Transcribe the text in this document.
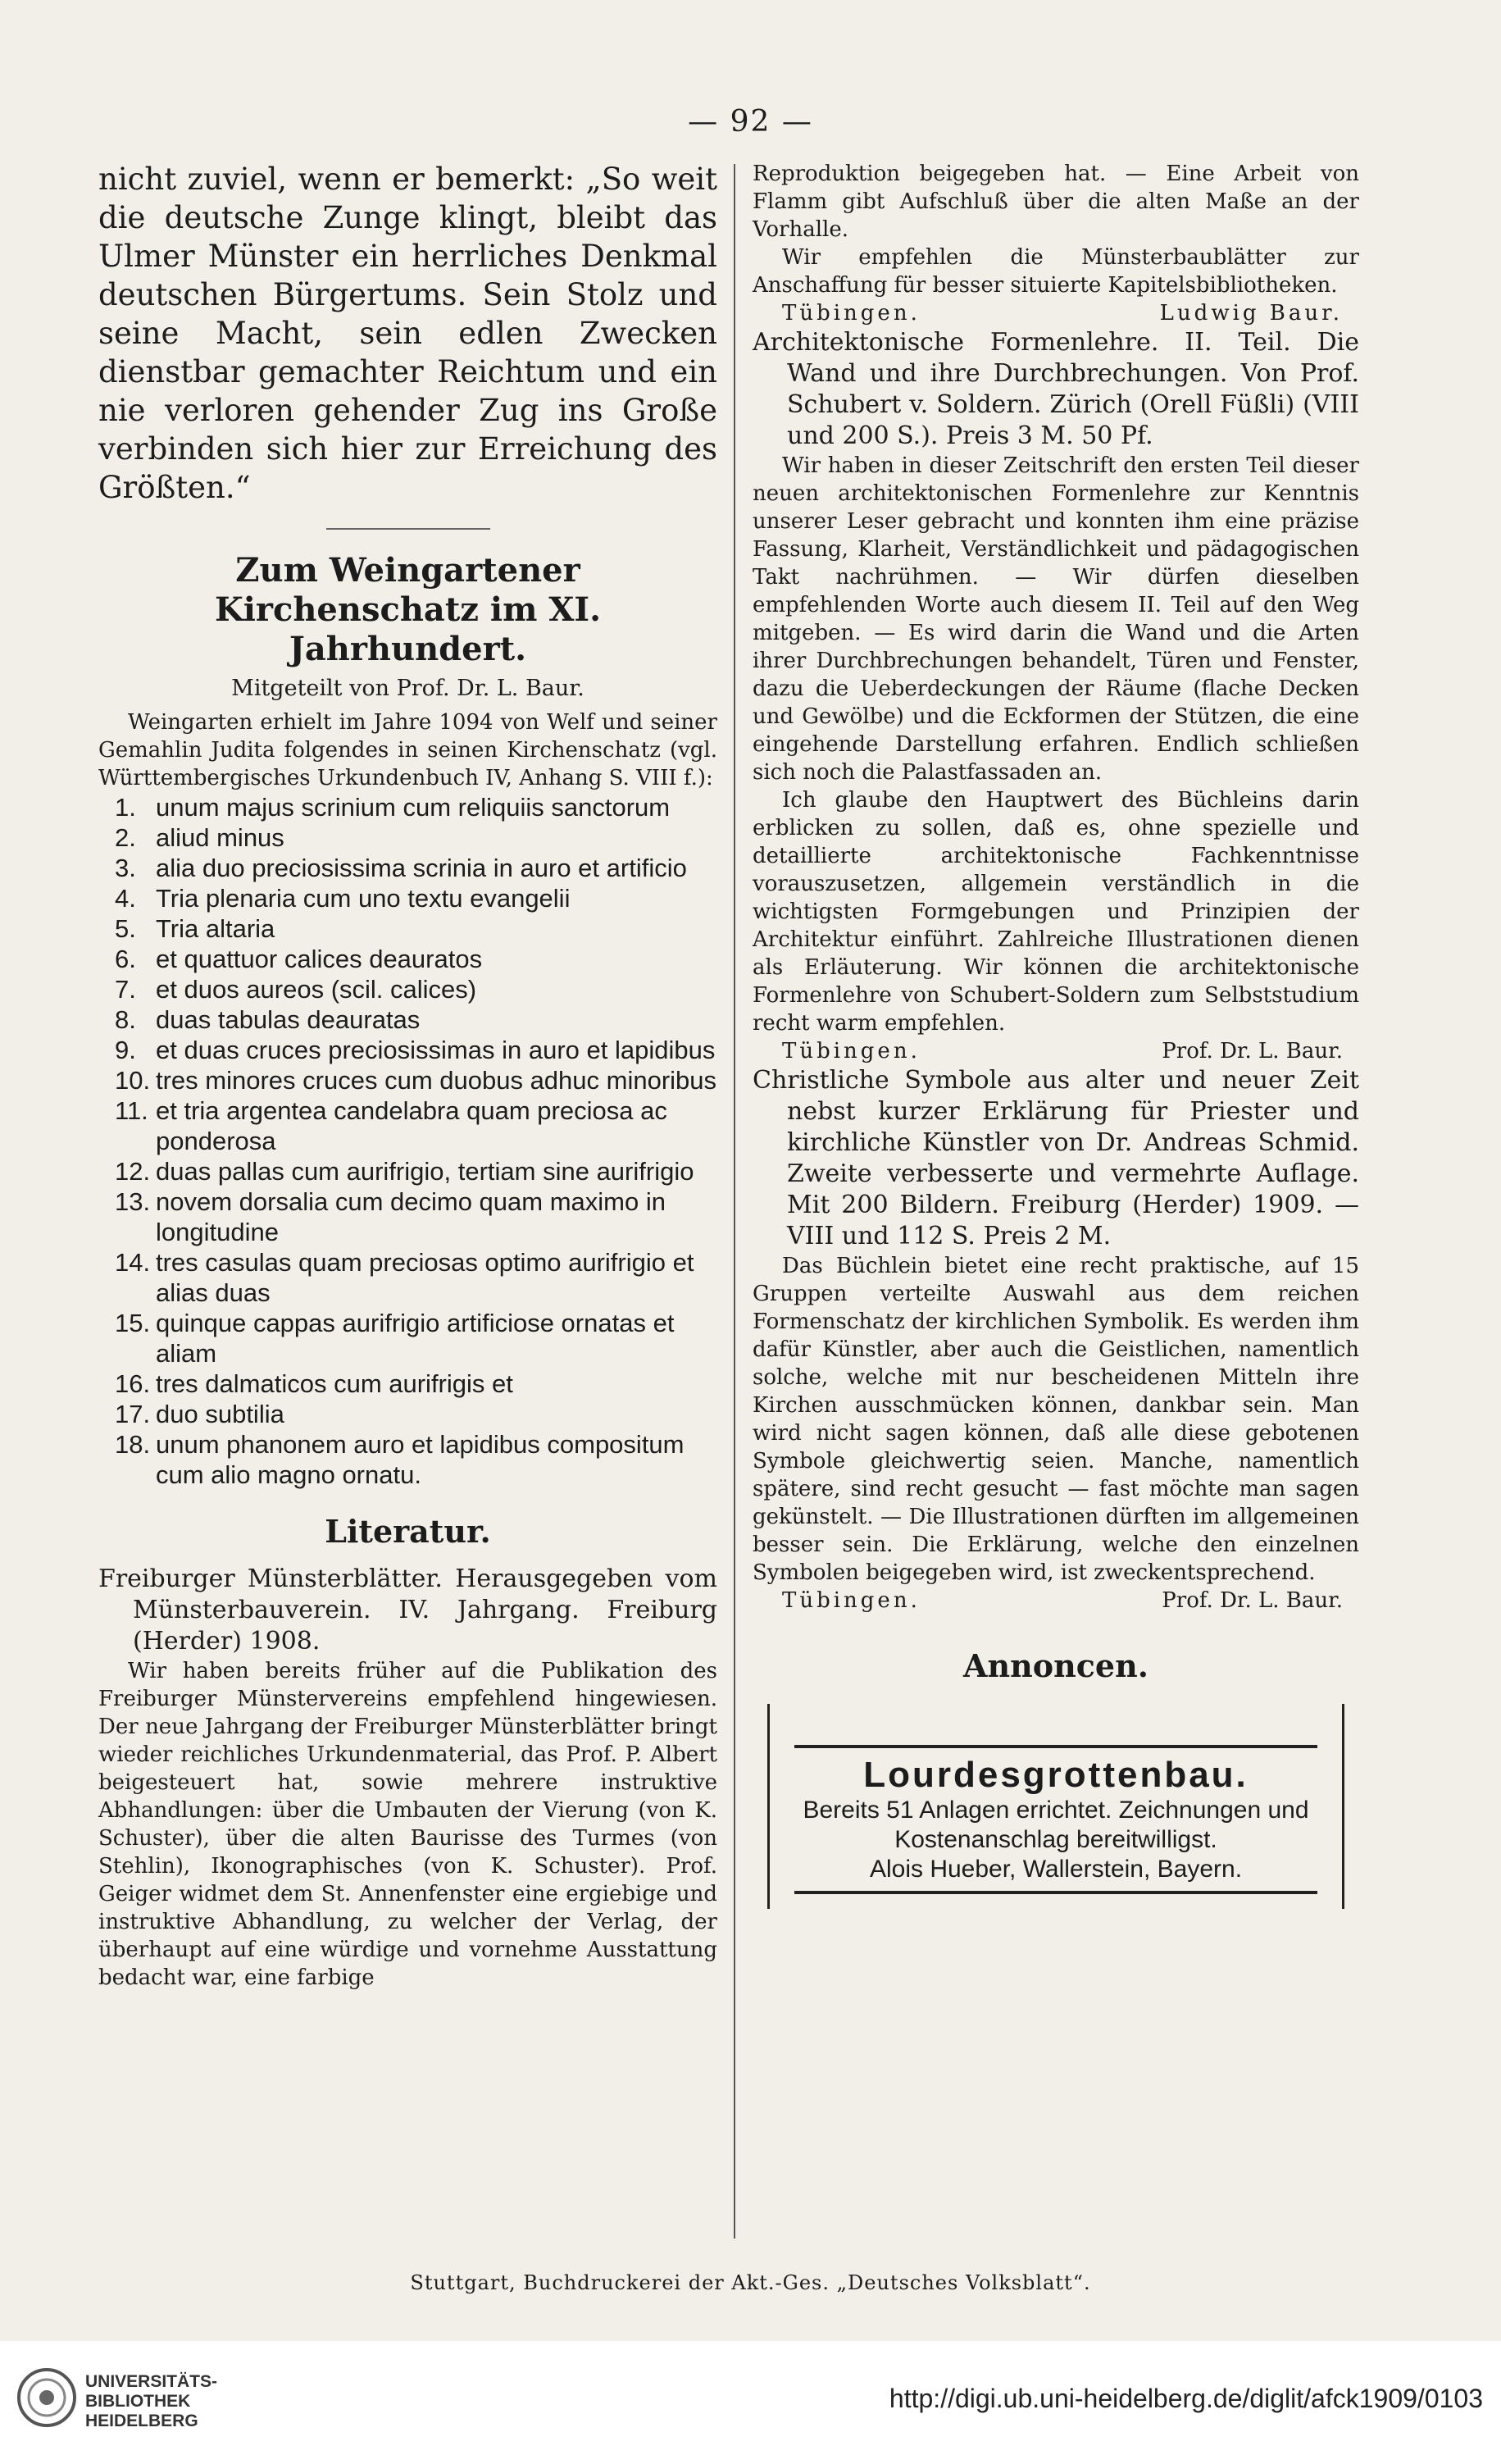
— 92 —

nicht zuviel, wenn er bemerkt: „So weit die deutsche Zunge klingt, bleibt das Ulmer Münster ein herrliches Denkmal deutschen Bürgertums. Sein Stolz und seine Macht, sein edlen Zwecken dienstbar gemachter Reichtum und ein nie verloren gehender Zug ins Große verbinden sich hier zur Erreichung des Größten.“

Zum Weingartener Kirchenschatz im XI. Jahrhundert.

Mitgeteilt von Prof. Dr. L. Baur.

Weingarten erhielt im Jahre 1094 von Welf und seiner Gemahlin Judita folgendes in seinen Kirchenschatz (vgl. Württembergisches Urkundenbuch IV, Anhang S. VIII f.):

1. unum majus scrinium cum reliquiis sanctorum
2. aliud minus
3. alia duo preciosissima scrinia in auro et artificio
4. Tria plenaria cum uno textu evangelii
5. Tria altaria
6. et quattuor calices deauratos
7. et duos aureos (scil. calices)
8. duas tabulas deauratas
9. et duas cruces preciosissimas in auro et lapidibus
10. tres minores cruces cum duobus adhuc minoribus
11. et tria argentea candelabra quam preciosa ac ponderosa
12. duas pallas cum aurifrigio, tertiam sine aurifrigio
13. novem dorsalia cum decimo quam maximo in longitudine
14. tres casulas quam preciosas optimo aurifrigio et alias duas
15. quinque cappas aurifrigio artificiose ornatas et aliam
16. tres dalmaticos cum aurifrigis et
17. duo subtilia
18. unum phanonem auro et lapidibus compositum cum alio magno ornatu.

Literatur.

Freiburger Münsterblätter. Herausgegeben vom Münsterbauverein. IV. Jahrgang. Freiburg (Herder) 1908.

Wir haben bereits früher auf die Publikation des Freiburger Münstervereins empfehlend hingewiesen. Der neue Jahrgang der Freiburger Münsterblätter bringt wieder reichliches Urkundenmaterial, das Prof. P. Albert beigesteuert hat, sowie mehrere instruktive Abhandlungen: über die Umbauten der Vierung (von K. Schuster), über die alten Baurisse des Turmes (von Stehlin), Ikonographisches (von K. Schuster). Prof. Geiger widmet dem St. Annenfenster eine ergiebige und instruktive Abhandlung, zu welcher der Verlag, der überhaupt auf eine würdige und vornehme Ausstattung bedacht war, eine farbige

Reproduktion beigegeben hat. — Eine Arbeit von Flamm gibt Aufschluß über die alten Maße an der Vorhalle.

Wir empfehlen die Münsterbaublätter zur Anschaffung für besser situierte Kapitelsbibliotheken.

Tübingen.	Ludwig Baur.

Architektonische Formenlehre. II. Teil. Die Wand und ihre Durchbrechungen. Von Prof. Schubert v. Soldern. Zürich (Orell Füßli) (VIII und 200 S.). Preis 3 M. 50 Pf.

Wir haben in dieser Zeitschrift den ersten Teil dieser neuen architektonischen Formenlehre zur Kenntnis unserer Leser gebracht und konnten ihm eine präzise Fassung, Klarheit, Verständlichkeit und pädagogischen Takt nachrühmen. — Wir dürfen dieselben empfehlenden Worte auch diesem II. Teil auf den Weg mitgeben. — Es wird darin die Wand und die Arten ihrer Durchbrechungen behandelt, Türen und Fenster, dazu die Ueberdeckungen der Räume (flache Decken und Gewölbe) und die Eckformen der Stützen, die eine eingehende Darstellung erfahren. Endlich schließen sich noch die Palastfassaden an.

Ich glaube den Hauptwert des Büchleins darin erblicken zu sollen, daß es, ohne spezielle und detaillierte architektonische Fachkenntnisse vorauszusetzen, allgemein verständlich in die wichtigsten Formgebungen und Prinzipien der Architektur einführt. Zahlreiche Illustrationen dienen als Erläuterung. Wir können die architektonische Formenlehre von Schubert-Soldern zum Selbststudium recht warm empfehlen.

Tübingen.	Prof. Dr. L. Baur.

Christliche Symbole aus alter und neuer Zeit nebst kurzer Erklärung für Priester und kirchliche Künstler von Dr. Andreas Schmid. Zweite verbesserte und vermehrte Auflage. Mit 200 Bildern. Freiburg (Herder) 1909. — VIII und 112 S. Preis 2 M.

Das Büchlein bietet eine recht praktische, auf 15 Gruppen verteilte Auswahl aus dem reichen Formenschatz der kirchlichen Symbolik. Es werden ihm dafür Künstler, aber auch die Geistlichen, namentlich solche, welche mit nur bescheidenen Mitteln ihre Kirchen ausschmücken können, dankbar sein. Man wird nicht sagen können, daß alle diese gebotenen Symbole gleichwertig seien. Manche, namentlich spätere, sind recht gesucht — fast möchte man sagen gekünstelt. — Die Illustrationen dürften im allgemeinen besser sein. Die Erklärung, welche den einzelnen Symbolen beigegeben wird, ist zweckentsprechend.

Tübingen.	Prof. Dr. L. Baur.
Annoncen.
Lourdesgrottenbau.
Bereits 51 Anlagen errichtet. Zeichnungen und Kostenanschlag bereitwilligst.
Alois Hueber, Wallerstein, Bayern.
Stuttgart, Buchdruckerei der Akt.-Ges. „Deutsches Volksblatt“.
UNIVERSITÄTS-
BIBLIOTHEK
HEIDELBERG
http://digi.ub.uni-heidelberg.de/diglit/afck1909/0103
